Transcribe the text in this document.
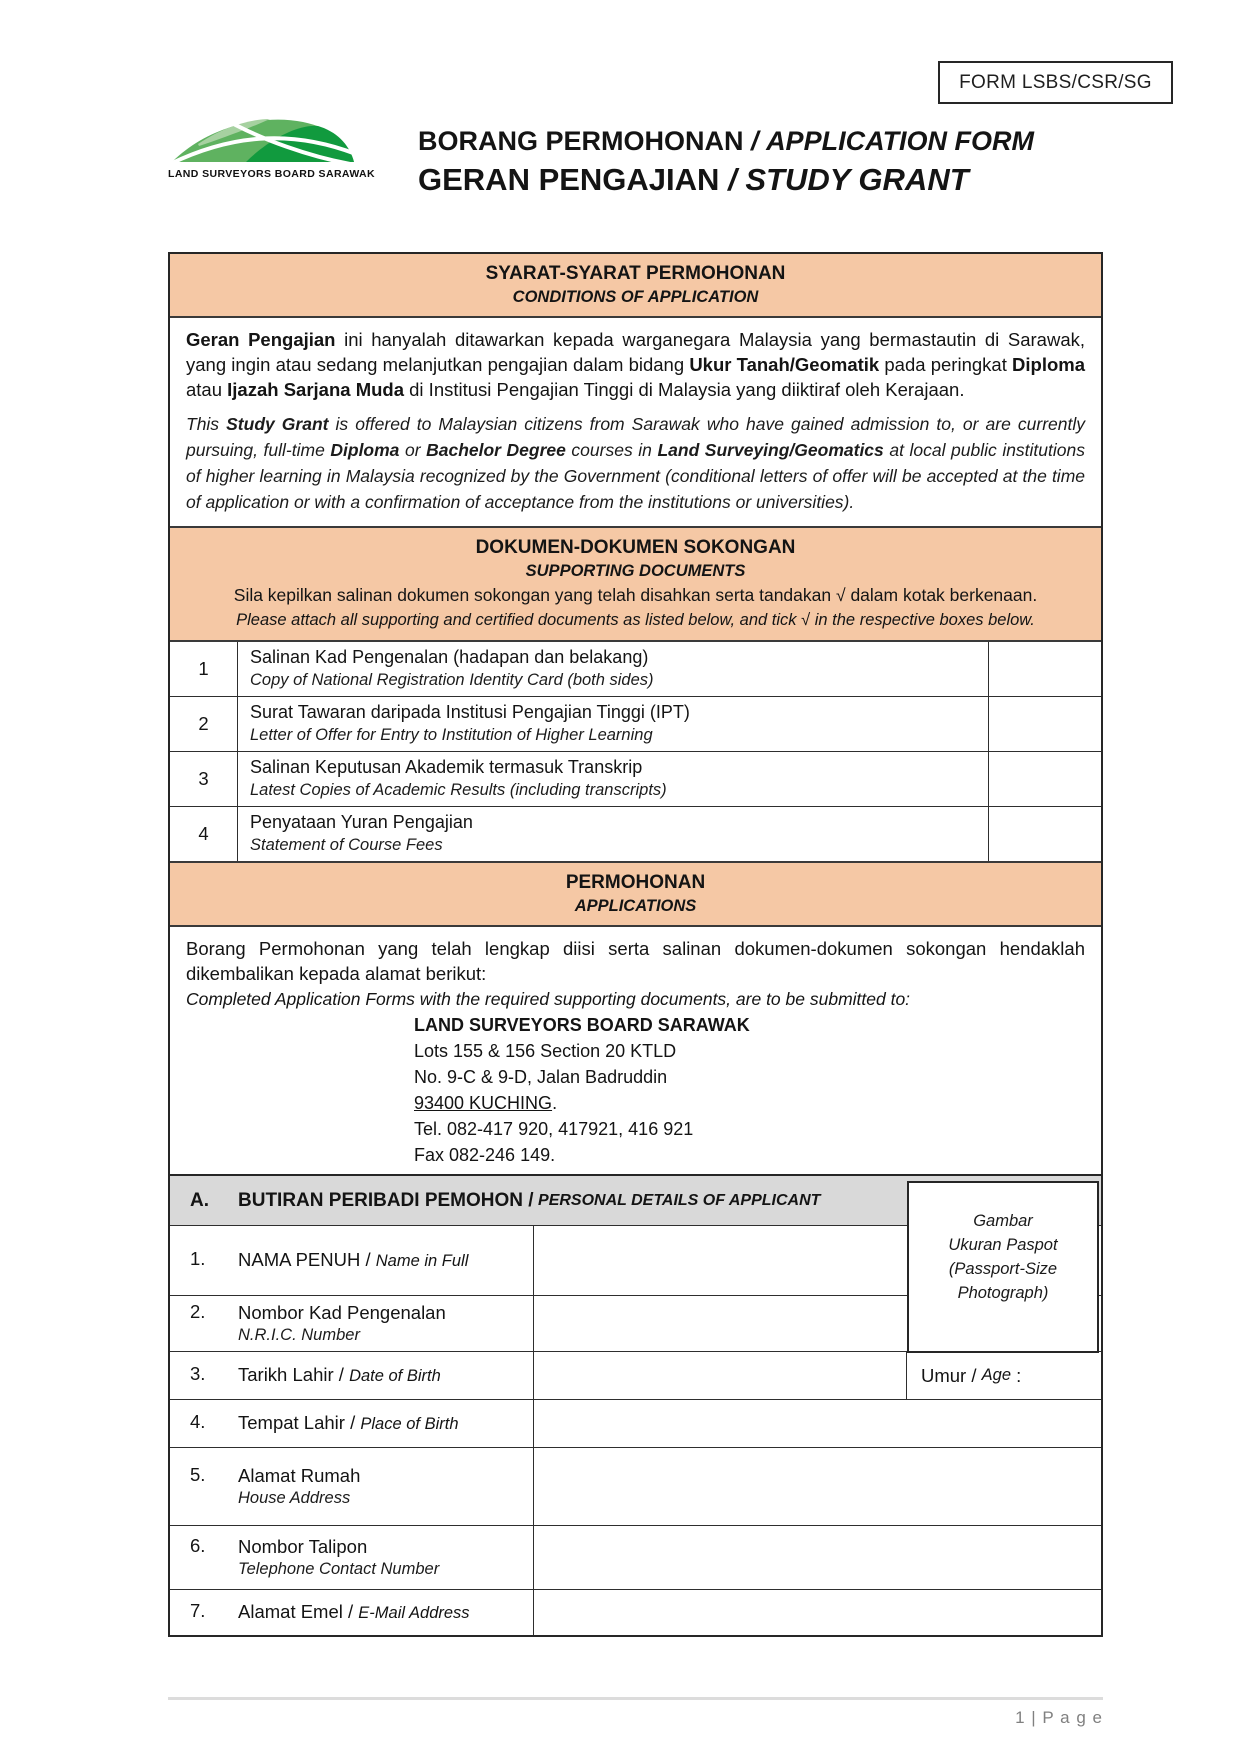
FORM LSBS/CSR/SG
LAND SURVEYORS BOARD SARAWAK
BORANG PERMOHONAN / APPLICATION FORM
GERAN PENGAJIAN / STUDY GRANT
SYARAT-SYARAT PERMOHONAN
CONDITIONS OF APPLICATION

Geran Pengajian ini hanyalah ditawarkan kepada warganegara Malaysia yang bermastautin di Sarawak, yang ingin atau sedang melanjutkan pengajian dalam bidang Ukur Tanah/Geomatik pada peringkat Diploma atau Ijazah Sarjana Muda di Institusi Pengajian Tinggi di Malaysia yang diiktiraf oleh Kerajaan.

This Study Grant is offered to Malaysian citizens from Sarawak who have gained admission to, or are currently pursuing, full-time Diploma or Bachelor Degree courses in Land Surveying/Geomatics at local public institutions of higher learning in Malaysia recognized by the Government (conditional letters of offer will be accepted at the time of application or with a confirmation of acceptance from the institutions or universities).

DOKUMEN-DOKUMEN SOKONGAN
SUPPORTING DOCUMENTS
Sila kepilkan salinan dokumen sokongan yang telah disahkan serta tandakan √ dalam kotak berkenaan.
Please attach all supporting and certified documents as listed below, and tick √ in the respective boxes below.
1
Salinan Kad Pengenalan (hadapan dan belakang)
Copy of National Registration Identity Card (both sides)
2
Surat Tawaran daripada Institusi Pengajian Tinggi (IPT)
Letter of Offer for Entry to Institution of Higher Learning
3
Salinan Keputusan Akademik termasuk Transkrip
Latest Copies of Academic Results (including transcripts)
4
Penyataan Yuran Pengajian
Statement of Course Fees
PERMOHONAN
APPLICATIONS

Borang Permohonan yang telah lengkap diisi serta salinan dokumen-dokumen sokongan hendaklah dikembalikan kepada alamat berikut:

Completed Application Forms with the required supporting documents, are to be submitted to:

LAND SURVEYORS BOARD SARAWAK
Lots 155 & 156 Section 20 KTLD
No. 9-C & 9-D, Jalan Badruddin
93400 KUCHING.
Tel. 082-417 920, 417921, 416 921
Fax 082-246 149.
A.	BUTIRAN PERIBADI PEMOHON
/
PERSONAL DETAILS OF APPLICANT
Gambar
Ukuran Paspot
(Passport-Size
Photograph)
1.	NAMA PENUH / Name in Full
2.	Nombor Kad Pengenalan
N.R.I.C. Number
3.	Tarikh Lahir / Date of Birth	Umur
/
Age
:
4.	Tempat Lahir / Place of Birth
5.	Alamat Rumah
House Address
6.	Nombor Talipon
Telephone Contact Number
7.	Alamat Emel / E-Mail Address
1 | P a g e
